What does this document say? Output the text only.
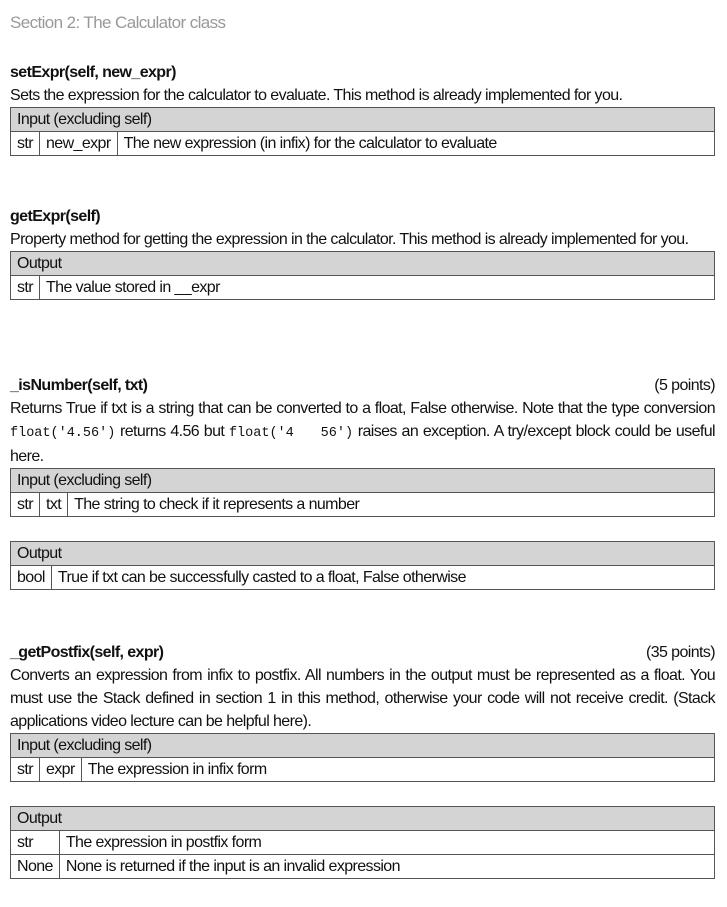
Section 2: The Calculator class
setExpr(self, new_expr)
Sets the expression for the calculator to evaluate. This method is already implemented for you.
Input (excluding self)
str	new_expr	The new expression (in infix) for the calculator to evaluate
getExpr(self)
Property method for getting the expression in the calculator. This method is already implemented for you.
Output
str	The value stored in __expr
_isNumber(self, txt)	(5 points)
Returns True if txt is a string that can be converted to a float, False otherwise. Note that the type conversion float('4.56') returns 4.56 but float('4   56') raises an exception. A try/except block could be useful here.
Input (excluding self)
str	txt	The string to check if it represents a number
Output
bool	True if txt can be successfully casted to a float, False otherwise
_getPostfix(self, expr)	(35 points)
Converts an expression from infix to postfix. All numbers in the output must be represented as a float. You must use the Stack defined in section 1 in this method, otherwise your code will not receive credit. (Stack applications video lecture can be helpful here).
Input (excluding self)
str	expr	The expression in infix form
Output	
str	The expression in postfix form
None	None is returned if the input is an invalid expression
